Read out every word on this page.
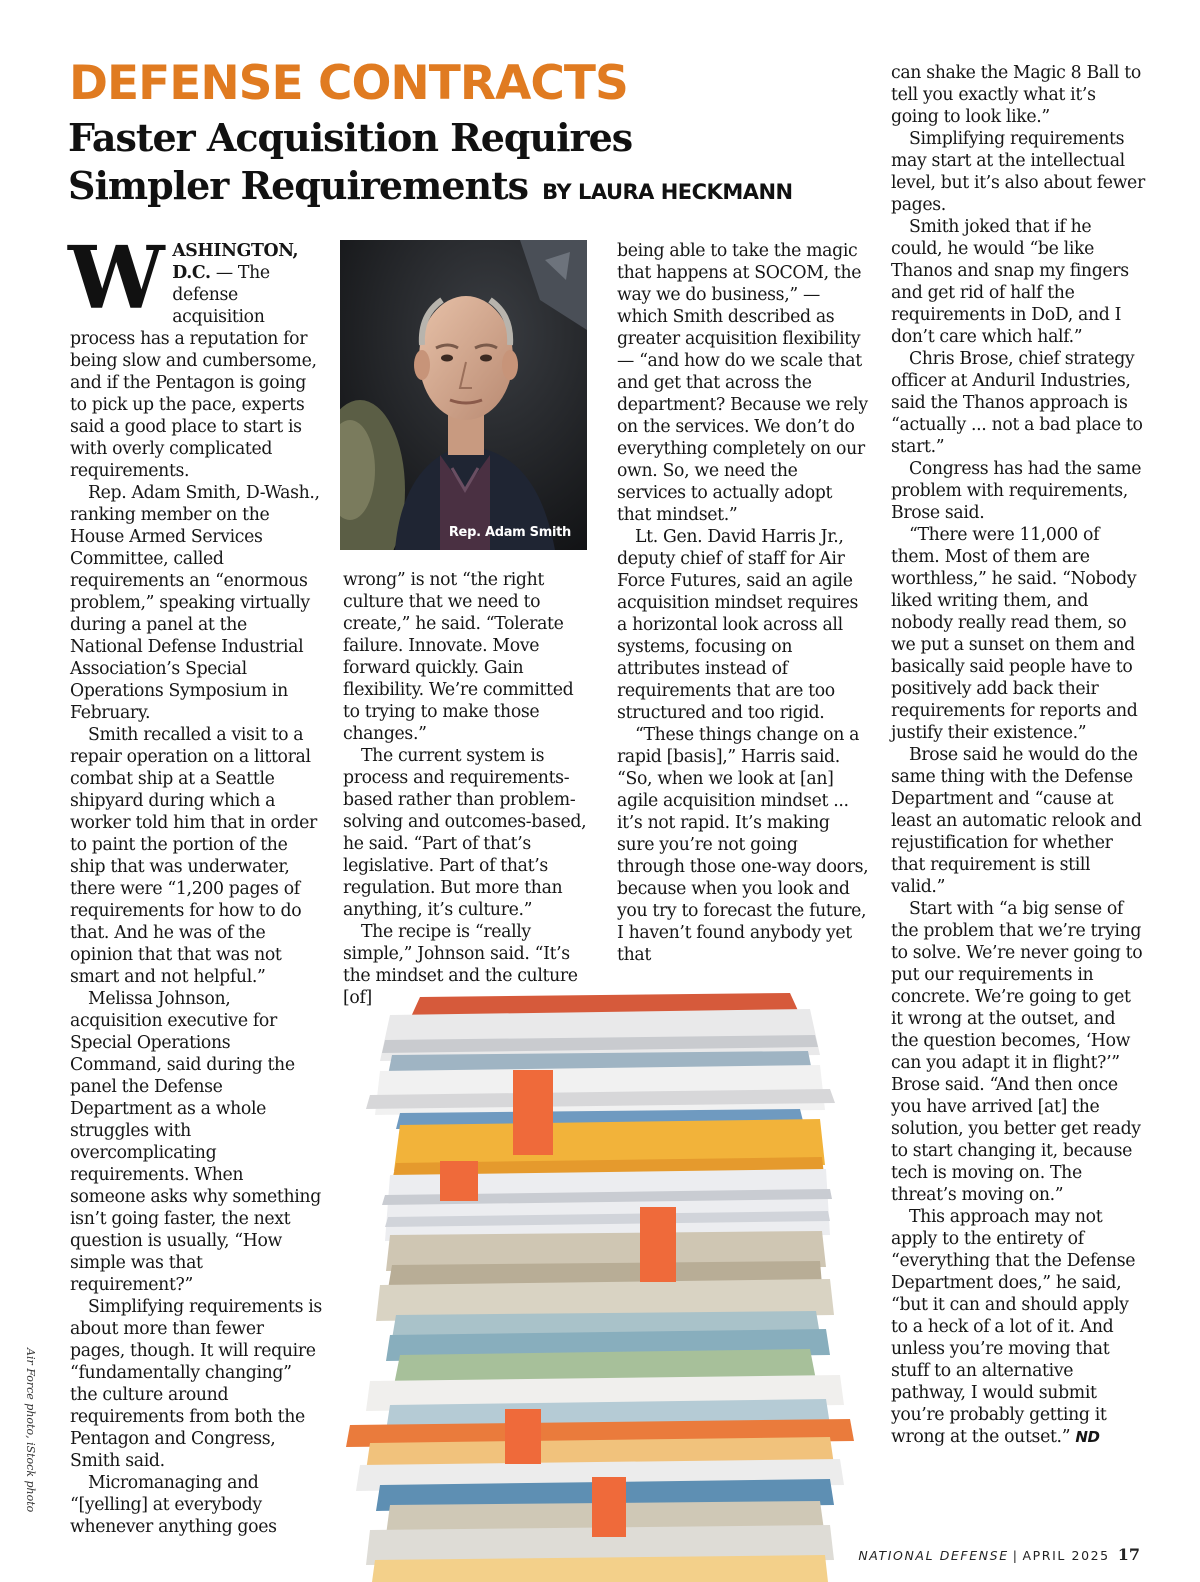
DEFENSE CONTRACTS
Faster Acquisition Requires
Simpler Requirements BY LAURA HECKMANN

WASHINGTON, D.C. — The defense acquisition process has a reputation for being slow and cumbersome, and if the Pentagon is going to pick up the pace, experts said a good place to start is with overly complicated requirements.

Rep. Adam Smith, D-Wash., ranking member on the House Armed Services Committee, called requirements an “enormous problem,” speaking virtually during a panel at the National Defense Industrial Association’s Special Operations Symposium in February.

Smith recalled a visit to a repair operation on a littoral combat ship at a Seattle shipyard during which a worker told him that in order to paint the portion of the ship that was underwater, there were “1,200 pages of requirements for how to do that. And he was of the opinion that that was not smart and not helpful.”

Melissa Johnson, acquisition executive for Special Operations Command, said during the panel the Defense Department as a whole struggles with overcomplicating requirements. When someone asks why something isn’t going faster, the next question is usually, “How simple was that requirement?”

Simplifying requirements is about more than fewer pages, though. It will require “fundamentally changing” the culture around requirements from both the Pentagon and Congress, Smith said.

Micromanaging and “[yelling] at everybody whenever anything goes

Rep. Adam Smith

wrong” is not “the right culture that we need to create,” he said. “Tolerate failure. Innovate. Move forward quickly. Gain flexibility. We’re committed to trying to make those changes.”

The current system is process and requirements-based rather than problem-solving and outcomes-based, he said. “Part of that’s legislative. Part of that’s regulation. But more than anything, it’s culture.”

The recipe is “really simple,” Johnson said. “It’s the mindset and the culture [of]

being able to take the magic that happens at SOCOM, the way we do business,” — which Smith described as greater acquisition flexibility — “and how do we scale that and get that across the department? Because we rely on the services. We don’t do everything completely on our own. So, we need the services to actually adopt that mindset.”

Lt. Gen. David Harris Jr., deputy chief of staff for Air Force Futures, said an agile acquisition mindset requires a horizontal look across all systems, focusing on attributes instead of requirements that are too structured and too rigid.

“These things change on a rapid [basis],” Harris said. “So, when we look at [an] agile acquisition mindset ... it’s not rapid. It’s making sure you’re not going through those one-way doors, because when you look and you try to forecast the future, I haven’t found anybody yet that

can shake the Magic 8 Ball to tell you exactly what it’s going to look like.”

Simplifying requirements may start at the intellectual level, but it’s also about fewer pages.

Smith joked that if he could, he would “be like Thanos and snap my fingers and get rid of half the requirements in DoD, and I don’t care which half.”

Chris Brose, chief strategy officer at Anduril Industries, said the Thanos approach is “actually ... not a bad place to start.”

Congress has had the same problem with requirements, Brose said.

“There were 11,000 of them. Most of them are worthless,” he said. “Nobody liked writing them, and nobody really read them, so we put a sunset on them and basically said people have to positively add back their requirements for reports and justify their existence.”

Brose said he would do the same thing with the Defense Department and “cause at least an automatic relook and rejustification for whether that requirement is still valid.”

Start with “a big sense of the problem that we’re trying to solve. We’re never going to put our requirements in concrete. We’re going to get it wrong at the outset, and the question becomes, ‘How can you adapt it in flight?’” Brose said. “And then once you have arrived [at] the solution, you better get ready to start changing it, because tech is moving on. The threat’s moving on.”

This approach may not apply to the entirety of “everything that the Defense Department does,” he said, “but it can and should apply to a heck of a lot of it. And unless you’re moving that stuff to an alternative pathway, I would submit you’re probably getting it wrong at the outset.” ND

Air Force photo, iStock photo
NATIONAL DEFENSE | APRIL 2025 17
